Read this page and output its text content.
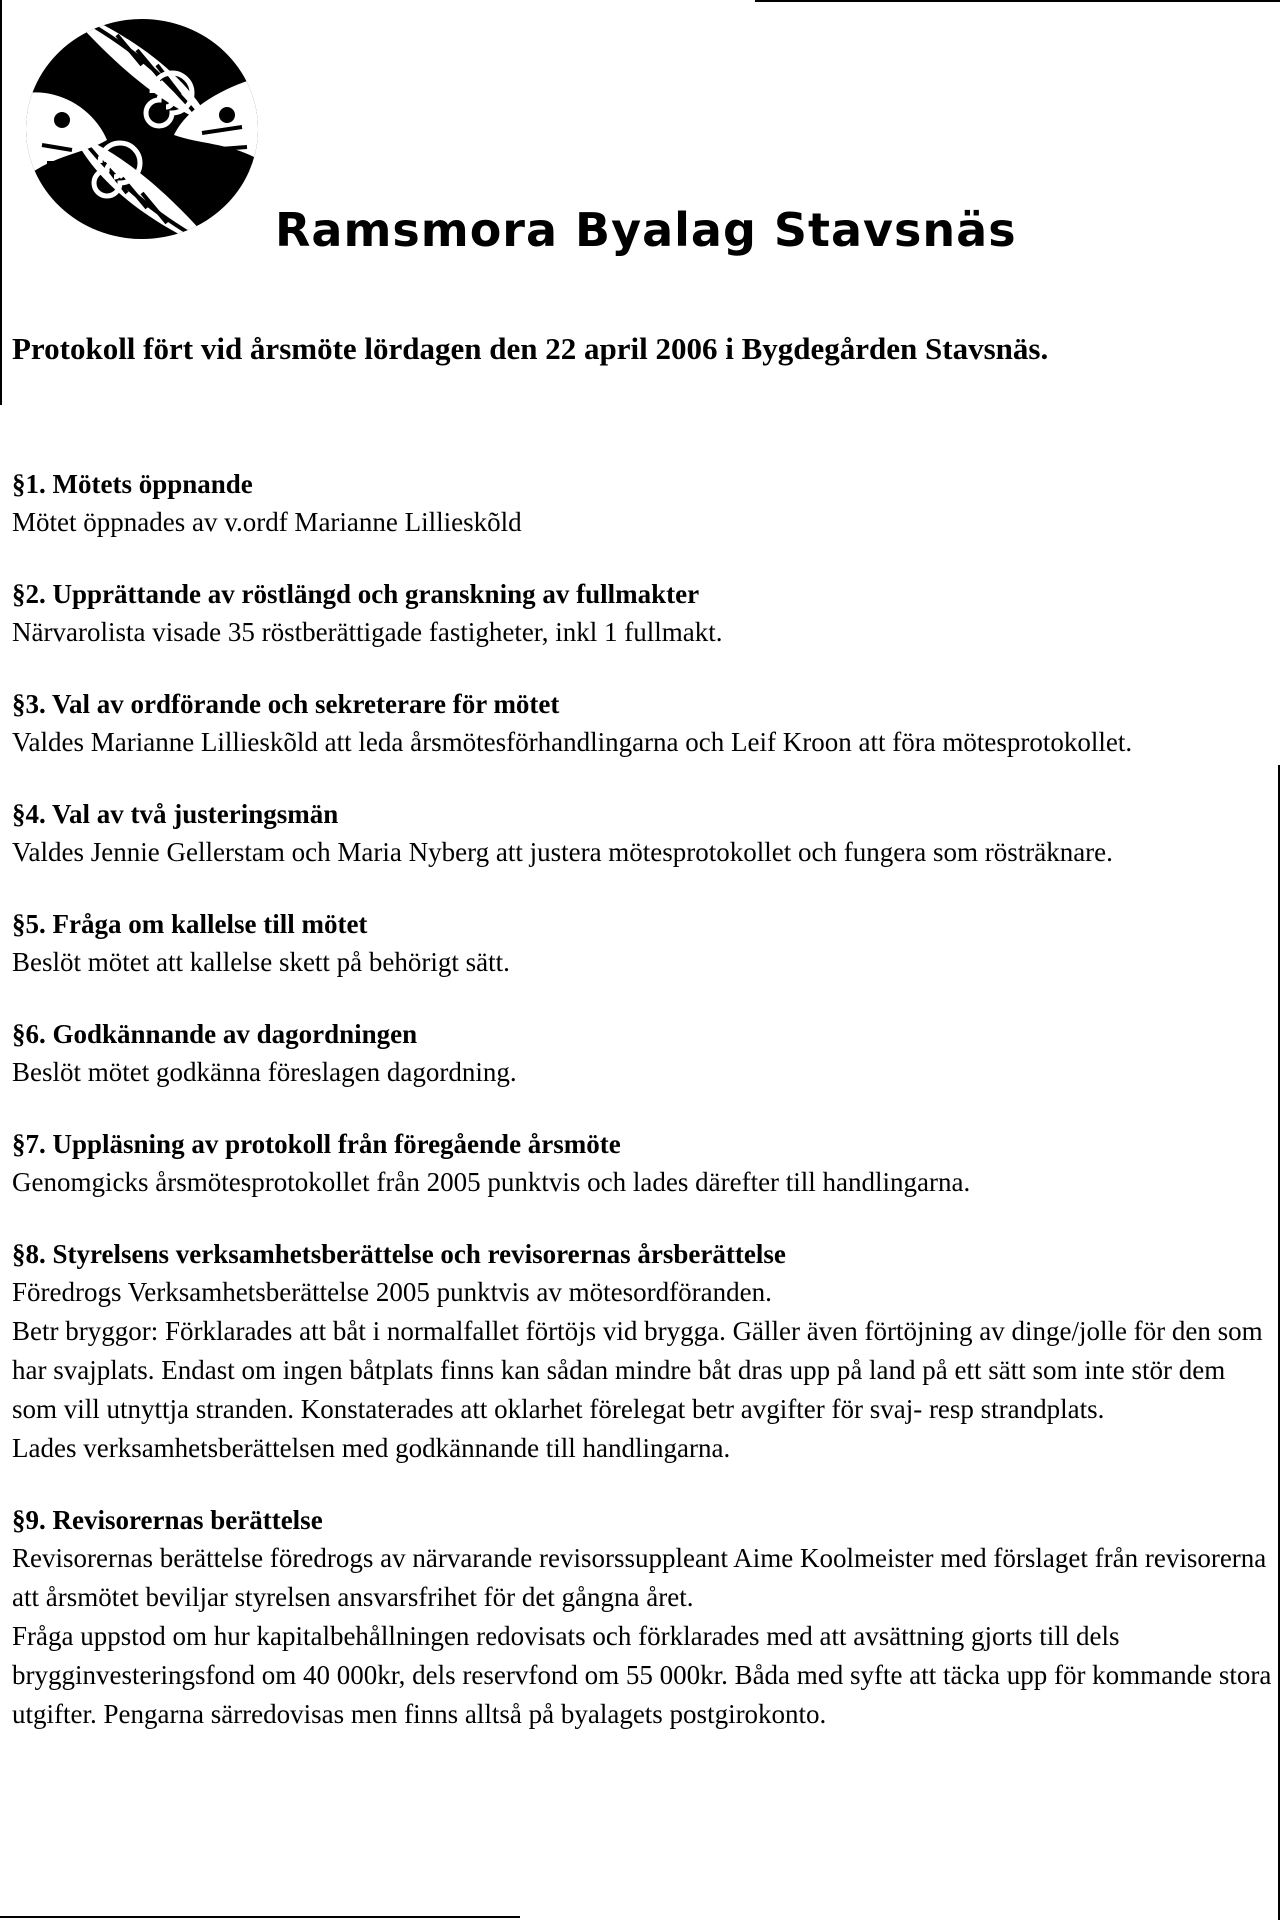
Ramsmora Byalag Stavsnäs
Protokoll fört vid årsmöte lördagen den 22 april 2006 i Bygdegården Stavsnäs.
§1. Mötets öppnande

Mötet öppnades av v.ordf Marianne Lillieskõld

§2. Upprättande av röstlängd och granskning av fullmakter

Närvarolista visade 35 röstberättigade fastigheter, inkl 1 fullmakt.

§3. Val av ordförande och sekreterare för mötet

Valdes Marianne Lillieskõld att leda årsmötesförhandlingarna och Leif Kroon att föra mötesprotokollet.

§4. Val av två justeringsmän

Valdes Jennie Gellerstam och Maria Nyberg att justera mötesprotokollet och fungera som rösträknare.

§5. Fråga om kallelse till mötet

Beslöt mötet att kallelse skett på behörigt sätt.

§6. Godkännande av dagordningen

Beslöt mötet godkänna föreslagen dagordning.

§7. Uppläsning av protokoll från föregående årsmöte

Genomgicks årsmötesprotokollet från 2005 punktvis och lades därefter till handlingarna.

§8. Styrelsens verksamhetsberättelse och revisorernas årsberättelse

Föredrogs Verksamhetsberättelse 2005 punktvis av mötesordföranden.

Betr bryggor: Förklarades att båt i normalfallet förtöjs vid brygga. Gäller även förtöjning av dinge/jolle för den som har svajplats. Endast om ingen båtplats finns kan sådan mindre båt dras upp på land på ett sätt som inte stör dem som vill utnyttja stranden. Konstaterades att oklarhet förelegat betr avgifter för svaj- resp strandplats.

Lades verksamhetsberättelsen med godkännande till handlingarna.

§9. Revisorernas berättelse

Revisorernas berättelse föredrogs av närvarande revisorssuppleant Aime Koolmeister med förslaget från revisorerna att årsmötet beviljar styrelsen ansvarsfrihet för det gångna året.

Fråga uppstod om hur kapitalbehållningen redovisats och förklarades med att avsättning gjorts till dels brygginvesteringsfond om 40 000kr, dels reservfond om 55 000kr. Båda med syfte att täcka upp för kommande stora utgifter. Pengarna särredovisas men finns alltså på byalagets postgirokonto.
